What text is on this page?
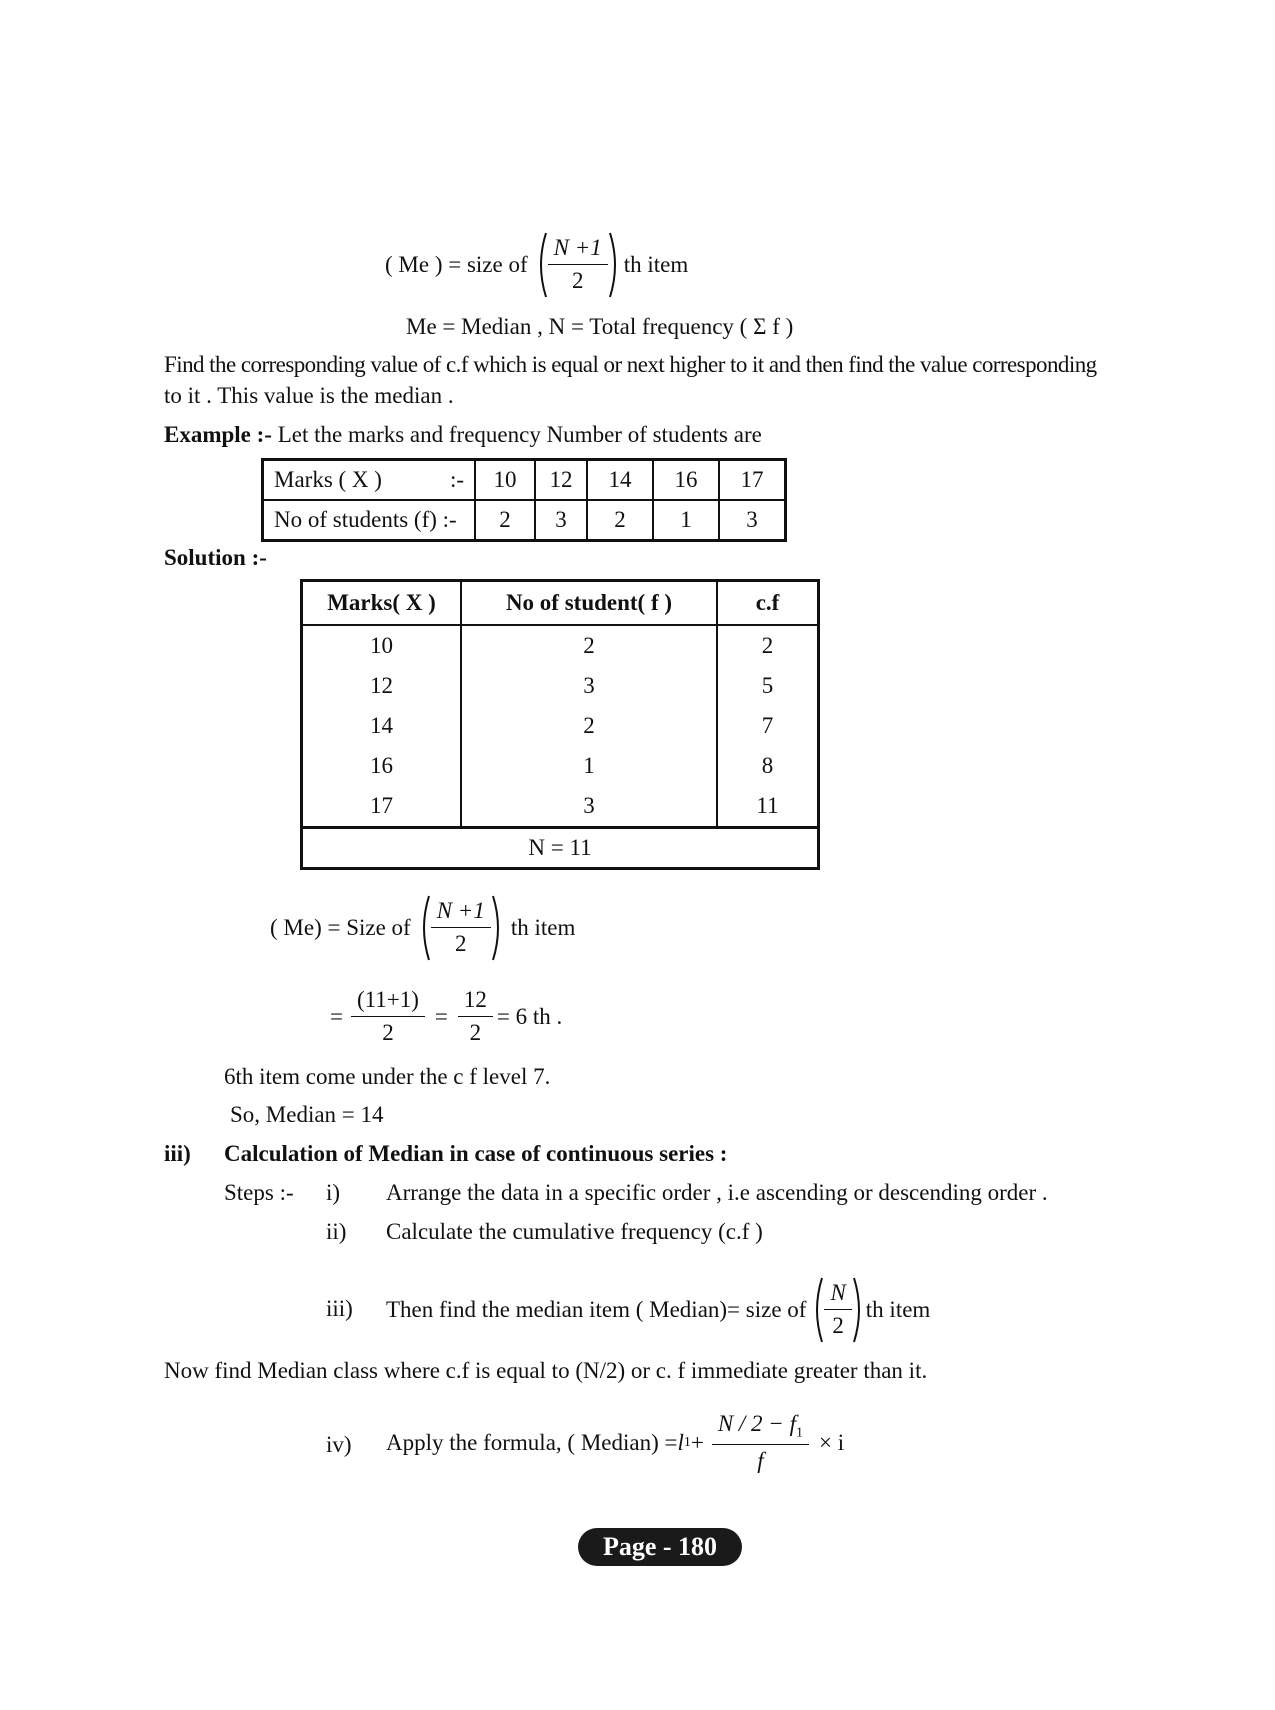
( Me ) = size of $\frac{N +1}{2}$ th item
Me = Median , N = Total frequency ( Σ f )
Find the corresponding value of c.f which is equal or next higher to it and then find the value corresponding
to it . This value is the median .
Example :- Let the marks and frequency Number of students are
Marks ( X ) :-	10	12	14	16	17
No of students (f) :-	2	3	2	1	3
Solution :-
Marks( X )	No of student( f )	c.f
10	2	2
12	3	5
14	2	7
16	1	8
17	3	11
N = 11		
( Me) = Size of $\frac{N +1}{2}$ th item
= $\frac{(11+1)}{2} = \frac{12}{2} = 6$ th .
6th item come under the c f level 7.
So, Median = 14
iii) Calculation of Median in case of continuous series :
Steps :- i) Arrange the data in a specific order , i.e ascending or descending order .
ii) Calculate the cumulative frequency (c.f )
iii) Then find the median item ( Median)= size of $\frac{N}{2}$ th item
Now find Median class where c.f is equal to (N/2) or c. f immediate greater than it.
iv) Apply the formula, ( Median) = l $1 + \frac{N / 2 - f_1}{f} \times i$
Page - 180
